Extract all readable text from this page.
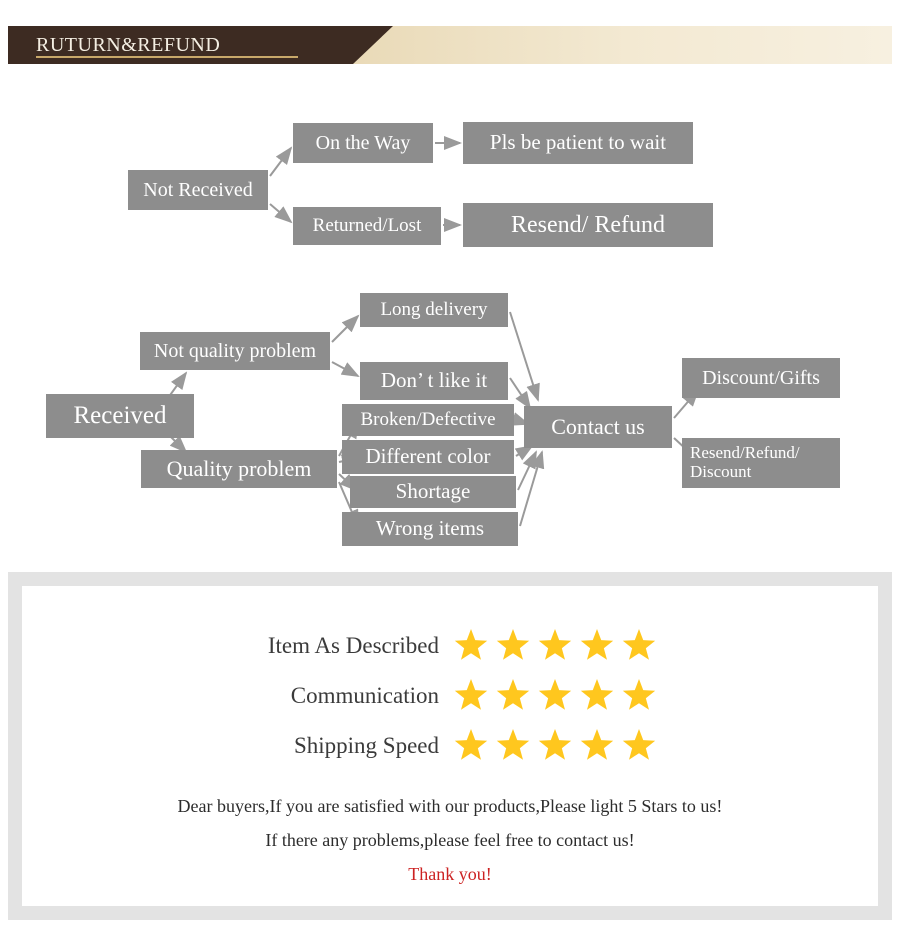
RUTURN&REFUND
Not Received
On the Way	Pls be patient to wait
Returned/Lost	Resend/ Refund
Received
Not quality problem
Quality problem
Long delivery
Don’ t like it
Broken/Defective
Different color
Shortage
Wrong items
Contact us
Discount/Gifts
Resend/Refund/
Discount
Item As Described
Communication
Shipping Speed
Dear buyers,If you are satisfied with our products,Please light 5 Stars to us!
If there any problems,please feel free to contact us!
Thank you!
